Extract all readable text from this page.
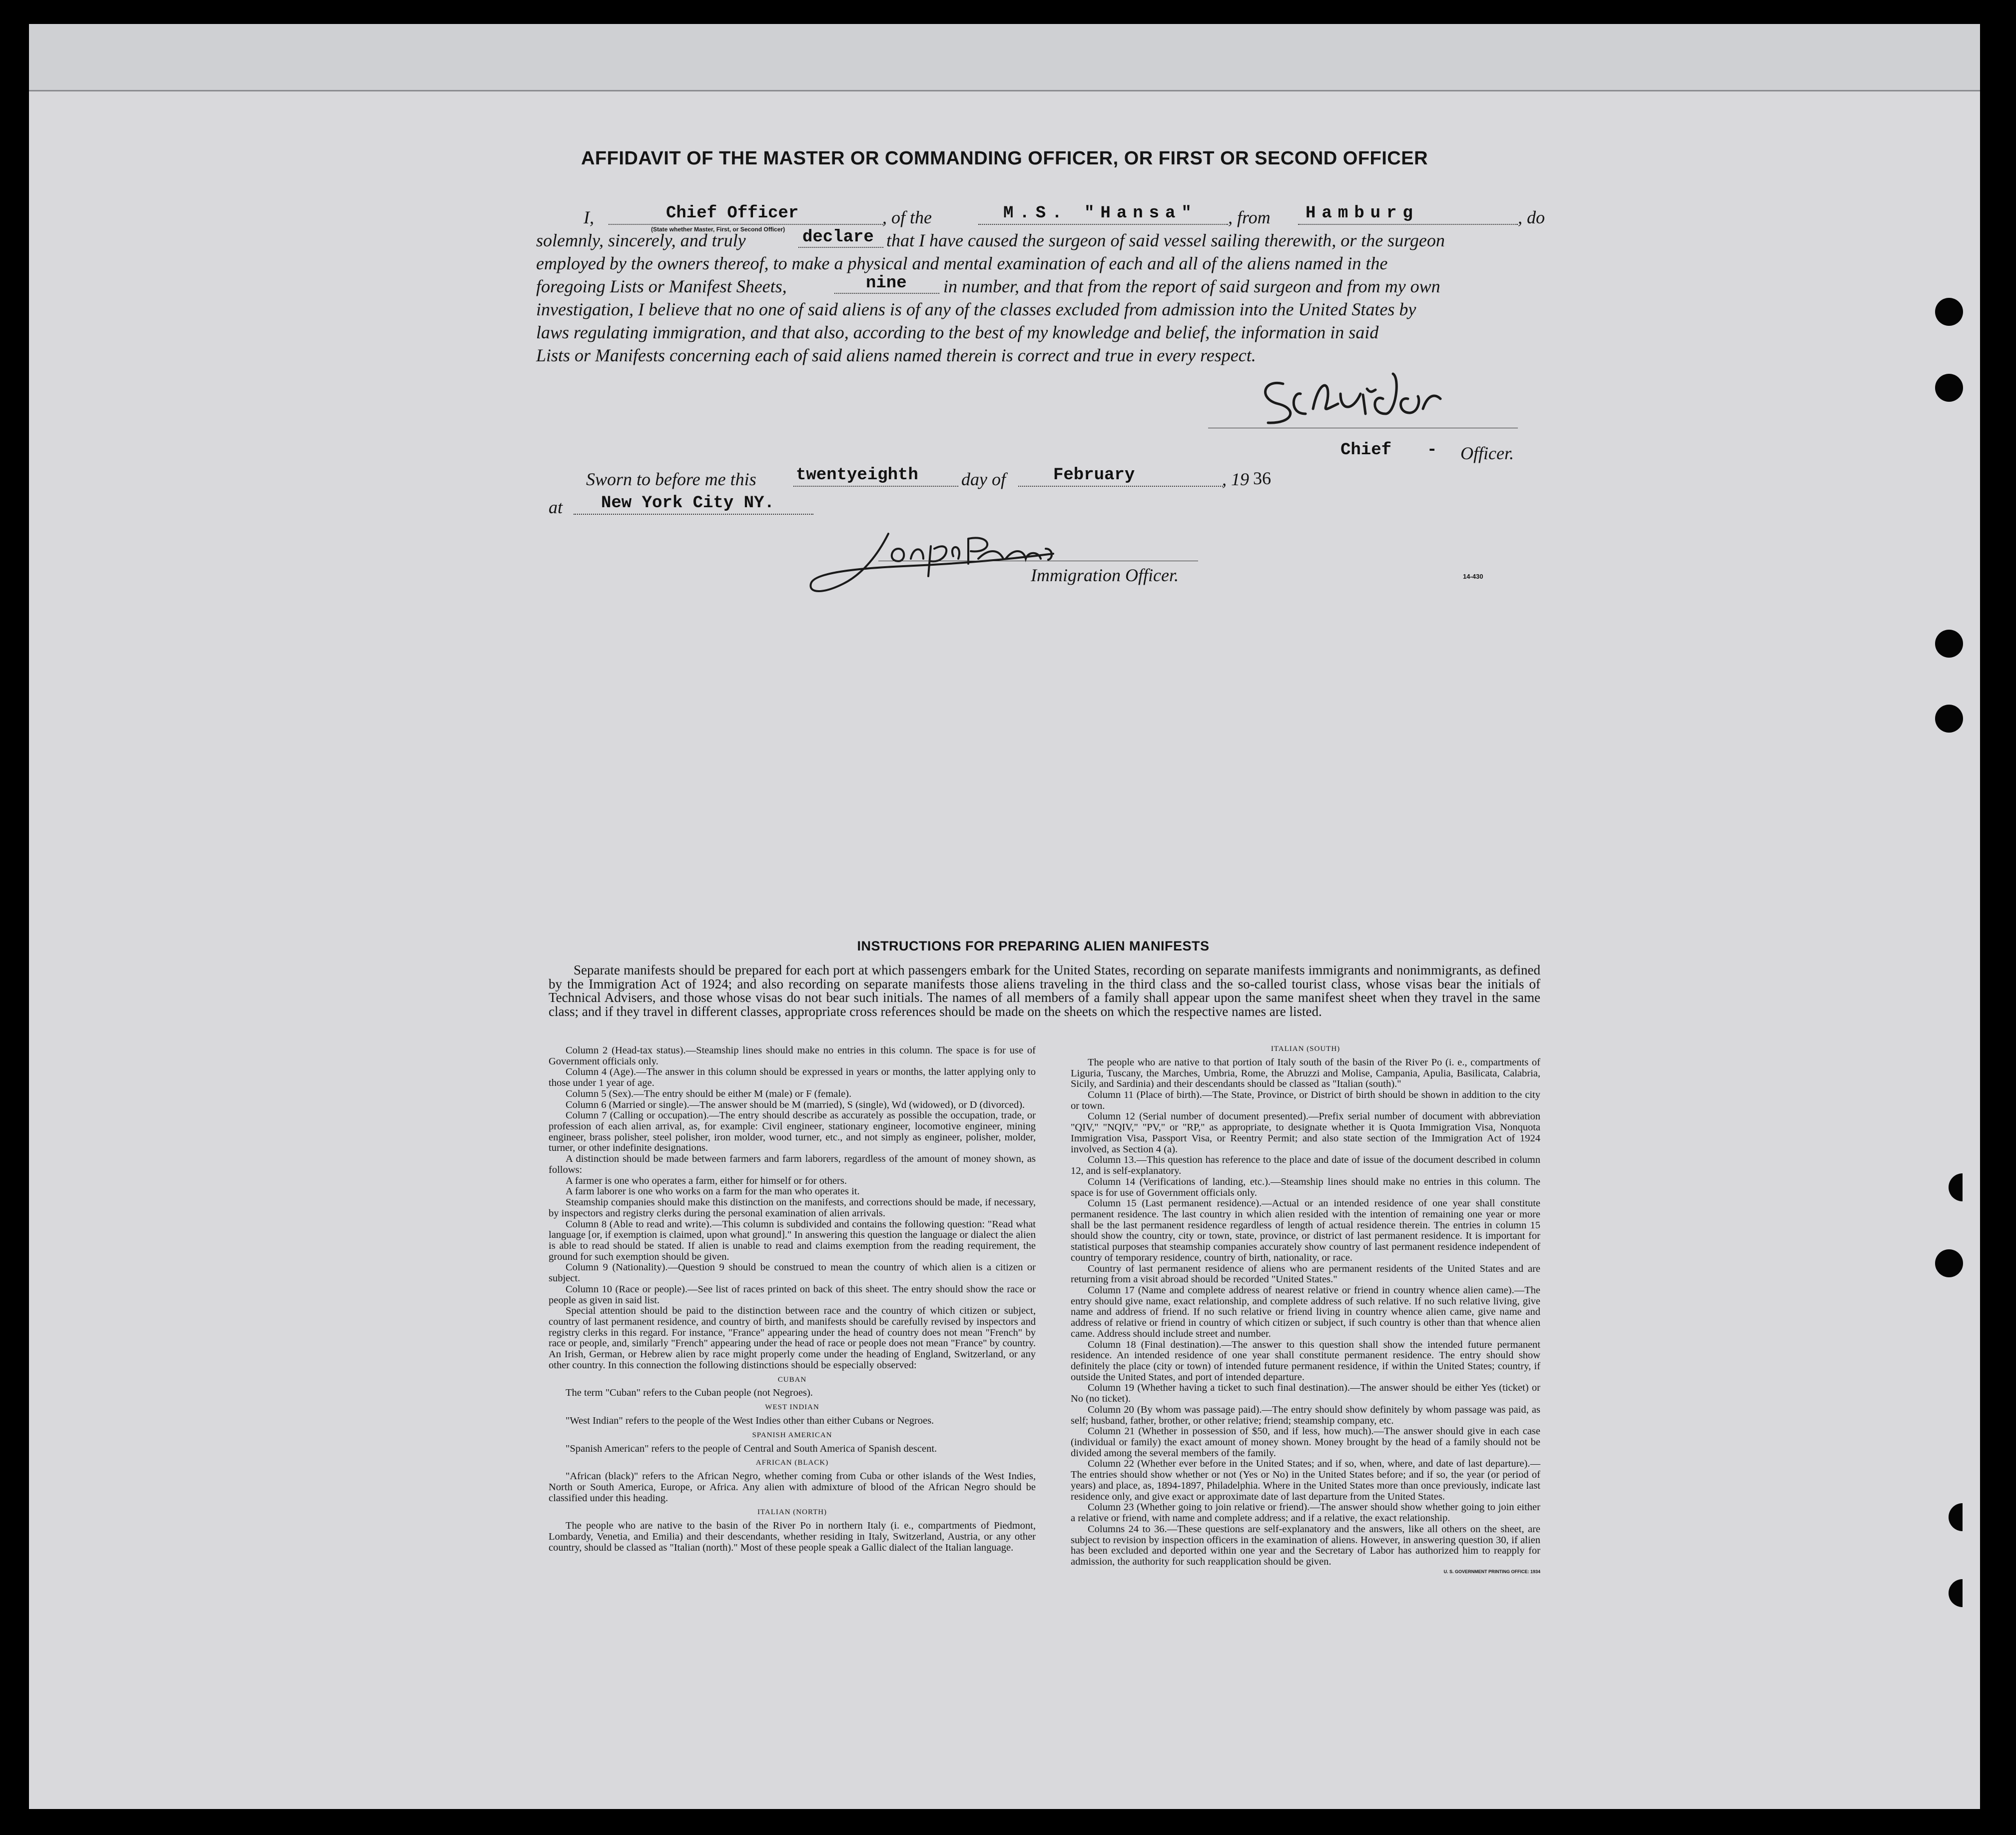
AFFIDAVIT OF THE MASTER OR COMMANDING OFFICER, OR FIRST OR SECOND OFFICER
I,	Chief Officer
(State whether Master, First, or Second Officer)
, of the	M.S. "Hansa" , from Hamburg	, do
solemnly, sincerely, and truly	declare that I have caused the surgeon of said vessel sailing therewith, or the surgeon
employed by the owners thereof, to make a physical and mental examination of each and all of the aliens named in the
foregoing Lists or Manifest Sheets,	nine in number, and that from the report of said surgeon and from my own
investigation, I believe that no one of said aliens is of any of the classes excluded from admission into the United States by
laws regulating immigration, and that also, according to the best of my knowledge and belief, the information in said
Lists or Manifests concerning each of said aliens named therein is correct and true in every respect.
Chief - Officer.
Sworn to before me this twentyeighth day of	February	, 19 36
at New York City NY.
Immigration Officer.	14-430
INSTRUCTIONS FOR PREPARING ALIEN MANIFESTS
Separate manifests should be prepared for each port at which passengers embark for the United States, recording on separate manifests immigrants and nonimmigrants, as defined by the Immigration Act of 1924; and also recording on separate manifests those aliens traveling in the third class and the so-called tourist class, whose visas bear the initials of Technical Advisers, and those whose visas do not bear such initials. The names of all members of a family shall appear upon the same manifest sheet when they travel in the same class; and if they travel in different classes, appropriate cross references should be made on the sheets on which the respective names are listed.

Column 2 (Head-tax status).—Steamship lines should make no entries in this column. The space is for use of Government officials only.

Column 4 (Age).—The answer in this column should be expressed in years or months, the latter applying only to those under 1 year of age.

Column 5 (Sex).—The entry should be either M (male) or F (female).

Column 6 (Married or single).—The answer should be M (married), S (single), Wd (widowed), or D (divorced).

Column 7 (Calling or occupation).—The entry should describe as accurately as possible the occupation, trade, or profession of each alien arrival, as, for example: Civil engineer, stationary engineer, locomotive engineer, mining engineer, brass polisher, steel polisher, iron molder, wood turner, etc., and not simply as engineer, polisher, molder, turner, or other indefinite designations.

A distinction should be made between farmers and farm laborers, regardless of the amount of money shown, as follows:

A farmer is one who operates a farm, either for himself or for others.

A farm laborer is one who works on a farm for the man who operates it.

Steamship companies should make this distinction on the manifests, and corrections should be made, if necessary, by inspectors and registry clerks during the personal examination of alien arrivals.

Column 8 (Able to read and write).—This column is subdivided and contains the following question: "Read what language [or, if exemption is claimed, upon what ground]." In answering this question the language or dialect the alien is able to read should be stated. If alien is unable to read and claims exemption from the reading requirement, the ground for such exemption should be given.

Column 9 (Nationality).—Question 9 should be construed to mean the country of which alien is a citizen or subject.

Column 10 (Race or people).—See list of races printed on back of this sheet. The entry should show the race or people as given in said list.

Special attention should be paid to the distinction between race and the country of which citizen or subject, country of last permanent residence, and country of birth, and manifests should be carefully revised by inspectors and registry clerks in this regard. For instance, "France" appearing under the head of country does not mean "French" by race or people, and, similarly "French" appearing under the head of race or people does not mean "France" by country. An Irish, German, or Hebrew alien by race might properly come under the heading of England, Switzerland, or any other country. In this connection the following distinctions should be especially observed:

CUBAN

The term "Cuban" refers to the Cuban people (not Negroes).

WEST INDIAN

"West Indian" refers to the people of the West Indies other than either Cubans or Negroes.

SPANISH AMERICAN

"Spanish American" refers to the people of Central and South America of Spanish descent.

AFRICAN (BLACK)

"African (black)" refers to the African Negro, whether coming from Cuba or other islands of the West Indies, North or South America, Europe, or Africa. Any alien with admixture of blood of the African Negro should be classified under this heading.

ITALIAN (NORTH)

The people who are native to the basin of the River Po in northern Italy (i. e., compartments of Piedmont, Lombardy, Venetia, and Emilia) and their descendants, whether residing in Italy, Switzerland, Austria, or any other country, should be classed as "Italian (north)." Most of these people speak a Gallic dialect of the Italian language.

ITALIAN (SOUTH)

The people who are native to that portion of Italy south of the basin of the River Po (i. e., compartments of Liguria, Tuscany, the Marches, Umbria, Rome, the Abruzzi and Molise, Campania, Apulia, Basilicata, Calabria, Sicily, and Sardinia) and their descendants should be classed as "Italian (south)."

Column 11 (Place of birth).—The State, Province, or District of birth should be shown in addition to the city or town.

Column 12 (Serial number of document presented).—Prefix serial number of document with abbreviation "QIV," "NQIV," "PV," or "RP," as appropriate, to designate whether it is Quota Immigration Visa, Nonquota Immigration Visa, Passport Visa, or Reentry Permit; and also state section of the Immigration Act of 1924 involved, as Section 4 (a).

Column 13.—This question has reference to the place and date of issue of the document described in column 12, and is self-explanatory.

Column 14 (Verifications of landing, etc.).—Steamship lines should make no entries in this column. The space is for use of Government officials only.

Column 15 (Last permanent residence).—Actual or an intended residence of one year shall constitute permanent residence. The last country in which alien resided with the intention of remaining one year or more shall be the last permanent residence regardless of length of actual residence therein. The entries in column 15 should show the country, city or town, state, province, or district of last permanent residence. It is important for statistical purposes that steamship companies accurately show country of last permanent residence independent of country of temporary residence, country of birth, nationality, or race.

Country of last permanent residence of aliens who are permanent residents of the United States and are returning from a visit abroad should be recorded "United States."

Column 17 (Name and complete address of nearest relative or friend in country whence alien came).—The entry should give name, exact relationship, and complete address of such relative. If no such relative living, give name and address of friend. If no such relative or friend living in country whence alien came, give name and address of relative or friend in country of which citizen or subject, if such country is other than that whence alien came. Address should include street and number.

Column 18 (Final destination).—The answer to this question shall show the intended future permanent residence. An intended residence of one year shall constitute permanent residence. The entry should show definitely the place (city or town) of intended future permanent residence, if within the United States; country, if outside the United States, and port of intended departure.

Column 19 (Whether having a ticket to such final destination).—The answer should be either Yes (ticket) or No (no ticket).

Column 20 (By whom was passage paid).—The entry should show definitely by whom passage was paid, as self; husband, father, brother, or other relative; friend; steamship company, etc.

Column 21 (Whether in possession of $50, and if less, how much).—The answer should give in each case (individual or family) the exact amount of money shown. Money brought by the head of a family should not be divided among the several members of the family.

Column 22 (Whether ever before in the United States; and if so, when, where, and date of last departure).—The entries should show whether or not (Yes or No) in the United States before; and if so, the year (or period of years) and place, as, 1894-1897, Philadelphia. Where in the United States more than once previously, indicate last residence only, and give exact or approximate date of last departure from the United States.

Column 23 (Whether going to join relative or friend).—The answer should show whether going to join either a relative or friend, with name and complete address; and if a relative, the exact relationship.

Columns 24 to 36.—These questions are self-explanatory and the answers, like all others on the sheet, are subject to revision by inspection officers in the examination of aliens. However, in answering question 30, if alien has been excluded and deported within one year and the Secretary of Labor has authorized him to reapply for admission, the authority for such reapplication should be given.

U. S. GOVERNMENT PRINTING OFFICE: 1934
